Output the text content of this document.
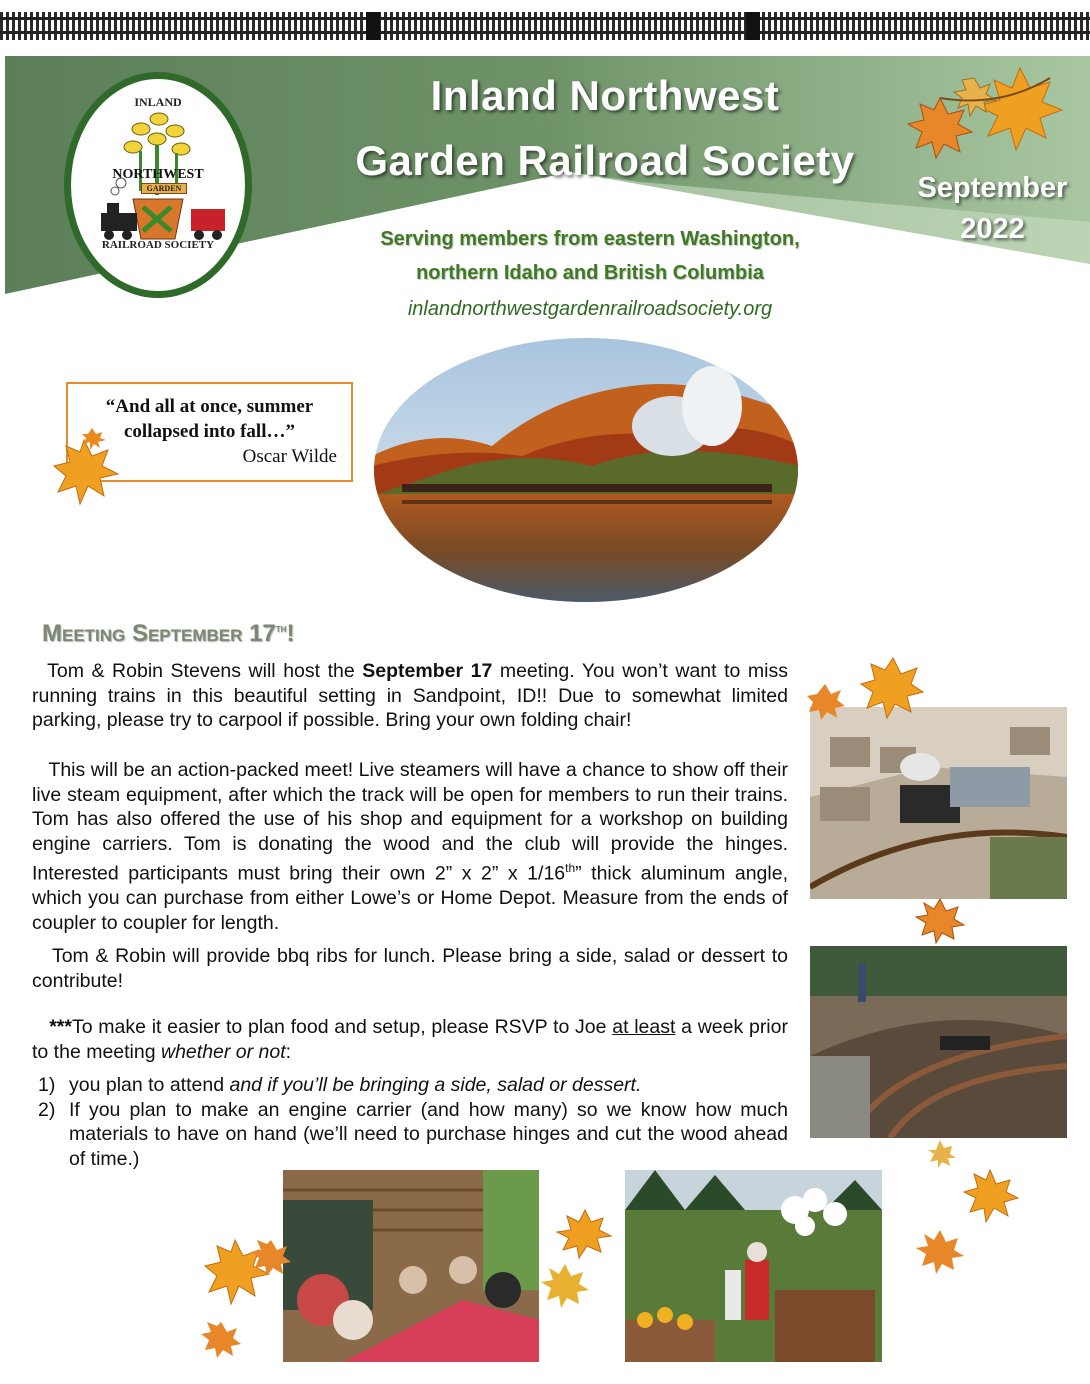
INLAND
NORTHWEST
GARDEN
RAILROAD SOCIETY
Inland Northwest
Garden Railroad Society
September
2022
Serving members from eastern Washington,
northern Idaho and British Columbia
inlandnorthwestgardenrailroadsociety.org
“And all at once, summer
collapsed into fall…”
Oscar Wilde
Meeting September 17th!

Tom & Robin Stevens will host the September 17 meeting. You won’t want to miss running trains in this beautiful setting in Sandpoint, ID!! Due to somewhat limited parking, please try to carpool if possible. Bring your own folding chair!

This will be an action-packed meet! Live steamers will have a chance to show off their live steam equipment, after which the track will be open for members to run their trains. Tom has also offered the use of his shop and equipment for a workshop on building engine carriers. Tom is donating the wood and the club will provide the hinges. Interested participants must bring their own 2” x 2” x 1/16th” thick aluminum angle, which you can purchase from either Lowe’s or Home Depot. Measure from the ends of coupler to coupler for length.

Tom & Robin will provide bbq ribs for lunch. Please bring a side, salad or dessert to contribute!

***To make it easier to plan food and setup, please RSVP to Joe at least a week prior to the meeting whether or not:

1) you plan to attend and if you’ll be bringing a side, salad or dessert.
2) If you plan to make an engine carrier (and how many) so we know how much materials to have on hand (we’ll need to purchase hinges and cut the wood ahead of time.)
